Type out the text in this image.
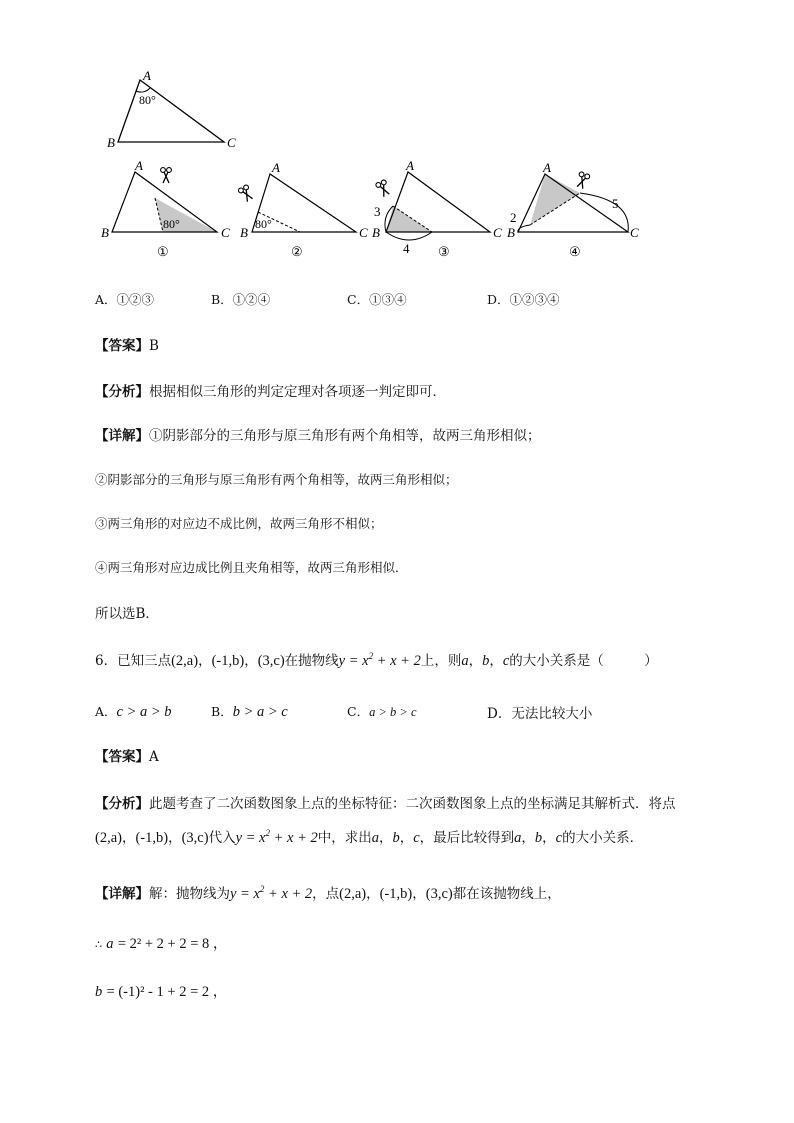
A
B	C
80°
A
B	C
80°
①
A
B	C
80°
②
A
B	C
3
4 ③
A
B	C
2
5
④
A．①②③	B．①②④	C．①③④	D．①②③④
【答案】B
【分析】根据相似三角形的判定定理对各项逐一判定即可．
【详解】①阴影部分的三角形与原三角形有两个角相等，故两三角形相似；
②阴影部分的三角形与原三角形有两个角相等，故两三角形相似；
③两三角形的对应边不成比例，故两三角形不相似；
④两三角形对应边成比例且夹角相等，故两三角形相似．
所以选B．
6．已知三点(2,a)，(-1,b)，(3,c)在抛物线$y = x^2 + x + 2$上，则a，b，c的大小关系是（　　　）
A．c > a > b	B．b > a > c	C．a > b > c	D．无法比较大小
【答案】A
【分析】此题考查了二次函数图象上点的坐标特征：二次函数图象上点的坐标满足其解析式．将点
(2,a)，(-1,b)，(3,c)代入$y = x^2 + x + 2$中，求出a，b，c，最后比较得到a，b，c的大小关系．
【详解】解：抛物线为$y = x^2 + x + 2$，点(2,a)，(-1,b)，(3,c)都在该抛物线上，
∴ a = 2² + 2 + 2 = 8 ，
b = (-1)² - 1 + 2 = 2 ，
